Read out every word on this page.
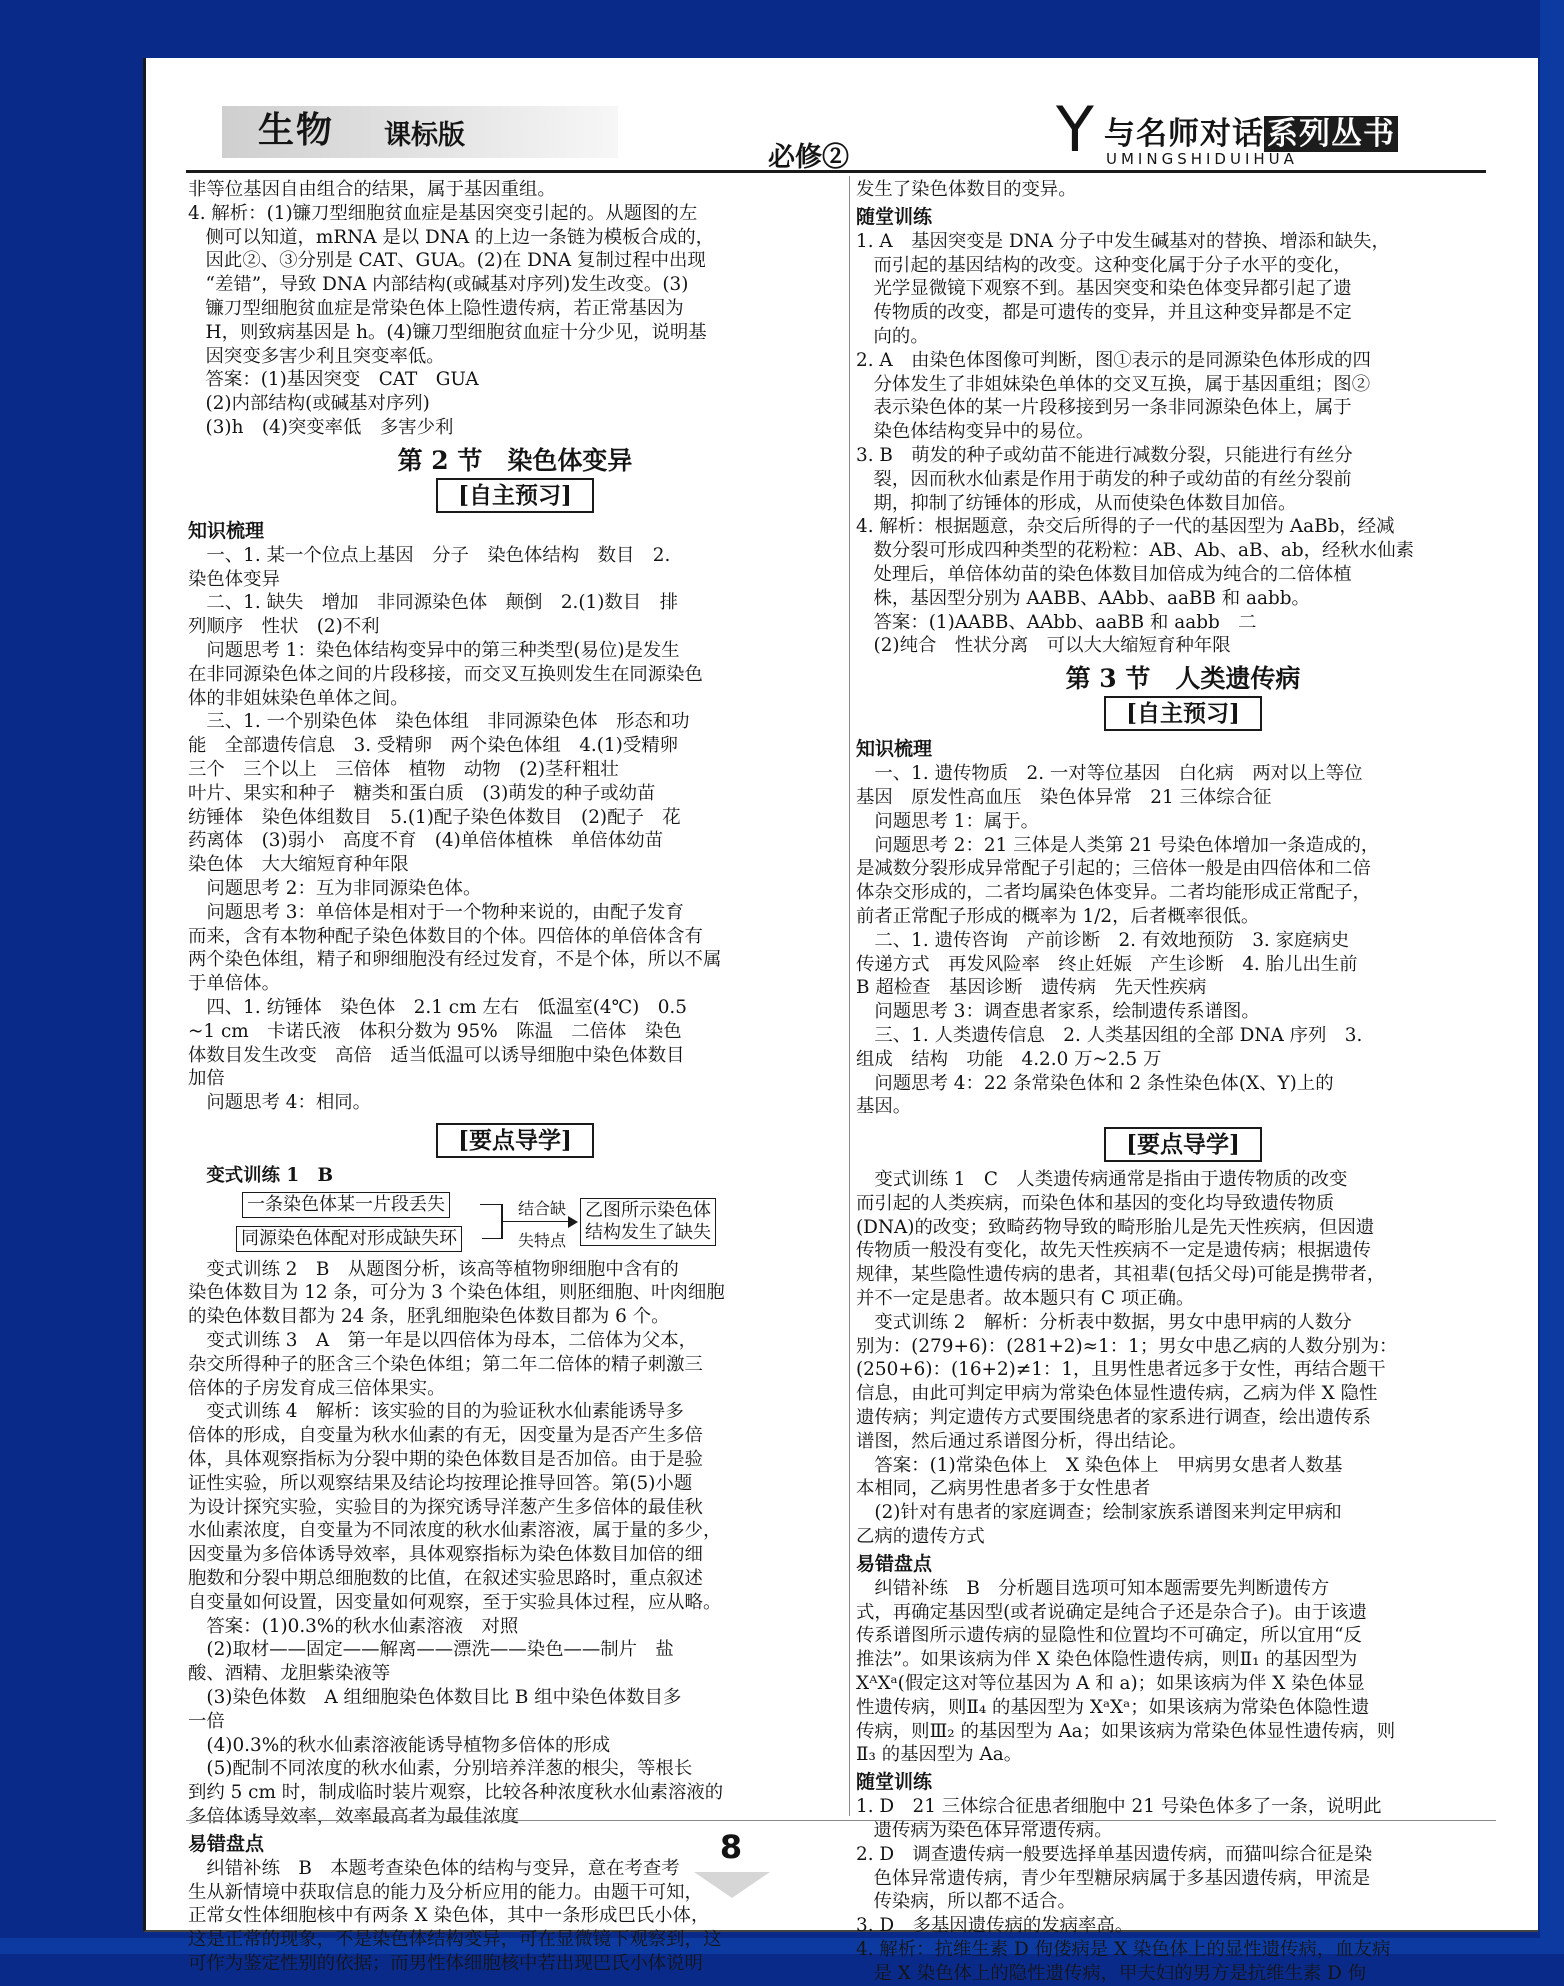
生物 课标版
必修②	Y 与名师对话系列丛书
UMINGSHIDUIHUA

非等位基因自由组合的结果，属于基因重组。

4. 解析：(1)镰刀型细胞贫血症是基因突变引起的。从题图的左

侧可以知道，mRNA 是以 DNA 的上边一条链为模板合成的，

因此②、③分别是 CAT、GUA。(2)在 DNA 复制过程中出现

“差错”，导致 DNA 内部结构(或碱基对序列)发生改变。(3)

镰刀型细胞贫血症是常染色体上隐性遗传病，若正常基因为

H，则致病基因是 h。(4)镰刀型细胞贫血症十分少见，说明基

因突变多害少利且突变率低。

答案：(1)基因突变　CAT　GUA

(2)内部结构(或碱基对序列)

(3)h　(4)突变率低　多害少利

第 2 节　染色体变异
[自主预习]
知识梳理

　一、1. 某一个位点上基因　分子　染色体结构　数目　2.

染色体变异

　二、1. 缺失　增加　非同源染色体　颠倒　2.(1)数目　排

列顺序　性状　(2)不利

　问题思考 1：染色体结构变异中的第三种类型(易位)是发生

在非同源染色体之间的片段移接，而交叉互换则发生在同源染色

体的非姐妹染色单体之间。

　三、1. 一个别染色体　染色体组　非同源染色体　形态和功

能　全部遗传信息　3. 受精卵　两个染色体组　4.(1)受精卵

三个　三个以上　三倍体　植物　动物　(2)茎秆粗壮

叶片、果实和种子　糖类和蛋白质　(3)萌发的种子或幼苗

纺锤体　染色体组数目　5.(1)配子染色体数目　(2)配子　花

药离体　(3)弱小　高度不育　(4)单倍体植株　单倍体幼苗

染色体　大大缩短育种年限

　问题思考 2：互为非同源染色体。

　问题思考 3：单倍体是相对于一个物种来说的，由配子发育

而来，含有本物种配子染色体数目的个体。四倍体的单倍体含有

两个染色体组，精子和卵细胞没有经过发育，不是个体，所以不属

于单倍体。

　四、1. 纺锤体　染色体　2.1 cm 左右　低温室(4℃)　0.5

~1 cm　卡诺氏液　体积分数为 95%　陈温　二倍体　染色

体数目发生改变　高倍　适当低温可以诱导细胞中染色体数目

加倍

　问题思考 4：相同。

[要点导学]

　变式训练 1　B

一条染色体某一片段丢失
同源染色体配对形成缺失环
结合缺
失特点
乙图所示染色体
结构发生了缺失

　变式训练 2　B　从题图分析，该高等植物卵细胞中含有的

染色体数目为 12 条，可分为 3 个染色体组，则胚细胞、叶肉细胞

的染色体数目都为 24 条，胚乳细胞染色体数目都为 6 个。

　变式训练 3　A　第一年是以四倍体为母本，二倍体为父本，

杂交所得种子的胚含三个染色体组；第二年二倍体的精子刺激三

倍体的子房发育成三倍体果实。

　变式训练 4　解析：该实验的目的为验证秋水仙素能诱导多

倍体的形成，自变量为秋水仙素的有无，因变量为是否产生多倍

体，具体观察指标为分裂中期的染色体数目是否加倍。由于是验

证性实验，所以观察结果及结论均按理论推导回答。第(5)小题

为设计探究实验，实验目的为探究诱导洋葱产生多倍体的最佳秋

水仙素浓度，自变量为不同浓度的秋水仙素溶液，属于量的多少，

因变量为多倍体诱导效率，具体观察指标为染色体数目加倍的细

胞数和分裂中期总细胞数的比值，在叙述实验思路时，重点叙述

自变量如何设置，因变量如何观察，至于实验具体过程，应从略。

　答案：(1)0.3%的秋水仙素溶液　对照

　(2)取材——固定——解离——漂洗——染色——制片　盐

酸、酒精、龙胆紫染液等

　(3)染色体数　A 组细胞染色体数目比 B 组中染色体数目多

一倍

　(4)0.3%的秋水仙素溶液能诱导植物多倍体的形成

　(5)配制不同浓度的秋水仙素，分别培养洋葱的根尖，等根长

到约 5 cm 时，制成临时装片观察，比较各种浓度秋水仙素溶液的

多倍体诱导效率，效率最高者为最佳浓度

易错盘点

　纠错补练　B　本题考查染色体的结构与变异，意在考查考

生从新情境中获取信息的能力及分析应用的能力。由题干可知，

正常女性体细胞核中有两条 X 染色体，其中一条形成巴氏小体，

这是正常的现象，不是染色体结构变异，可在显微镜下观察到，这

可作为鉴定性别的依据；而男性体细胞核中若出现巴氏小体说明

发生了染色体数目的变异。

随堂训练

1. A　基因突变是 DNA 分子中发生碱基对的替换、增添和缺失，

而引起的基因结构的改变。这种变化属于分子水平的变化，

光学显微镜下观察不到。基因突变和染色体变异都引起了遗

传物质的改变，都是可遗传的变异，并且这种变异都是不定

向的。

2. A　由染色体图像可判断，图①表示的是同源染色体形成的四

分体发生了非姐妹染色单体的交叉互换，属于基因重组；图②

表示染色体的某一片段移接到另一条非同源染色体上，属于

染色体结构变异中的易位。

3. B　萌发的种子或幼苗不能进行减数分裂，只能进行有丝分

裂，因而秋水仙素是作用于萌发的种子或幼苗的有丝分裂前

期，抑制了纺锤体的形成，从而使染色体数目加倍。

4. 解析：根据题意，杂交后所得的子一代的基因型为 AaBb，经减

数分裂可形成四种类型的花粉粒：AB、Ab、aB、ab，经秋水仙素

处理后，单倍体幼苗的染色体数目加倍成为纯合的二倍体植

株，基因型分别为 AABB、AAbb、aaBB 和 aabb。

答案：(1)AABB、AAbb、aaBB 和 aabb　二

(2)纯合　性状分离　可以大大缩短育种年限

第 3 节　人类遗传病
[自主预习]
知识梳理

　一、1. 遗传物质　2. 一对等位基因　白化病　两对以上等位

基因　原发性高血压　染色体异常　21 三体综合征

　问题思考 1：属于。

　问题思考 2：21 三体是人类第 21 号染色体增加一条造成的，

是减数分裂形成异常配子引起的；三倍体一般是由四倍体和二倍

体杂交形成的，二者均属染色体变异。二者均能形成正常配子，

前者正常配子形成的概率为 1/2，后者概率很低。

　二、1. 遗传咨询　产前诊断　2. 有效地预防　3. 家庭病史

传递方式　再发风险率　终止妊娠　产生诊断　4. 胎儿出生前

B 超检查　基因诊断　遗传病　先天性疾病

　问题思考 3：调查患者家系，绘制遗传系谱图。

　三、1. 人类遗传信息　2. 人类基因组的全部 DNA 序列　3.

组成　结构　功能　4.2.0 万~2.5 万

　问题思考 4：22 条常染色体和 2 条性染色体(X、Y)上的

基因。

[要点导学]

　变式训练 1　C　人类遗传病通常是指由于遗传物质的改变

而引起的人类疾病，而染色体和基因的变化均导致遗传物质

(DNA)的改变；致畸药物导致的畸形胎儿是先天性疾病，但因遗

传物质一般没有变化，故先天性疾病不一定是遗传病；根据遗传

规律，某些隐性遗传病的患者，其祖辈(包括父母)可能是携带者，

并不一定是患者。故本题只有 C 项正确。

　变式训练 2　解析：分析表中数据，男女中患甲病的人数分

别为：(279+6)：(281+2)≈1：1；男女中患乙病的人数分别为：

(250+6)：(16+2)≠1：1，且男性患者远多于女性，再结合题干

信息，由此可判定甲病为常染色体显性遗传病，乙病为伴 X 隐性

遗传病；判定遗传方式要围绕患者的家系进行调查，绘出遗传系

谱图，然后通过系谱图分析，得出结论。

　答案：(1)常染色体上　X 染色体上　甲病男女患者人数基

本相同，乙病男性患者多于女性患者

　(2)针对有患者的家庭调查；绘制家族系谱图来判定甲病和

乙病的遗传方式

易错盘点

　纠错补练　B　分析题目选项可知本题需要先判断遗传方

式，再确定基因型(或者说确定是纯合子还是杂合子)。由于该遗

传系谱图所示遗传病的显隐性和位置均不可确定，所以宜用“反

推法”。如果该病为伴 X 染色体隐性遗传病，则Ⅱ₁ 的基因型为

XᴬXᵃ(假定这对等位基因为 A 和 a)；如果该病为伴 X 染色体显

性遗传病，则Ⅱ₄ 的基因型为 XᵃXᵃ；如果该病为常染色体隐性遗

传病，则Ⅲ₂ 的基因型为 Aa；如果该病为常染色体显性遗传病，则

Ⅱ₃ 的基因型为 Aa。

随堂训练

1. D　21 三体综合征患者细胞中 21 号染色体多了一条，说明此

遗传病为染色体异常遗传病。

2. D　调查遗传病一般要选择单基因遗传病，而猫叫综合征是染

色体异常遗传病，青少年型糖尿病属于多基因遗传病，甲流是

传染病，所以都不适合。

3. D　多基因遗传病的发病率高。

4. 解析：抗维生素 D 佝偻病是 X 染色体上的显性遗传病，血友病

是 X 染色体上的隐性遗传病，甲夫妇的男方是抗维生素 D 佝

8
